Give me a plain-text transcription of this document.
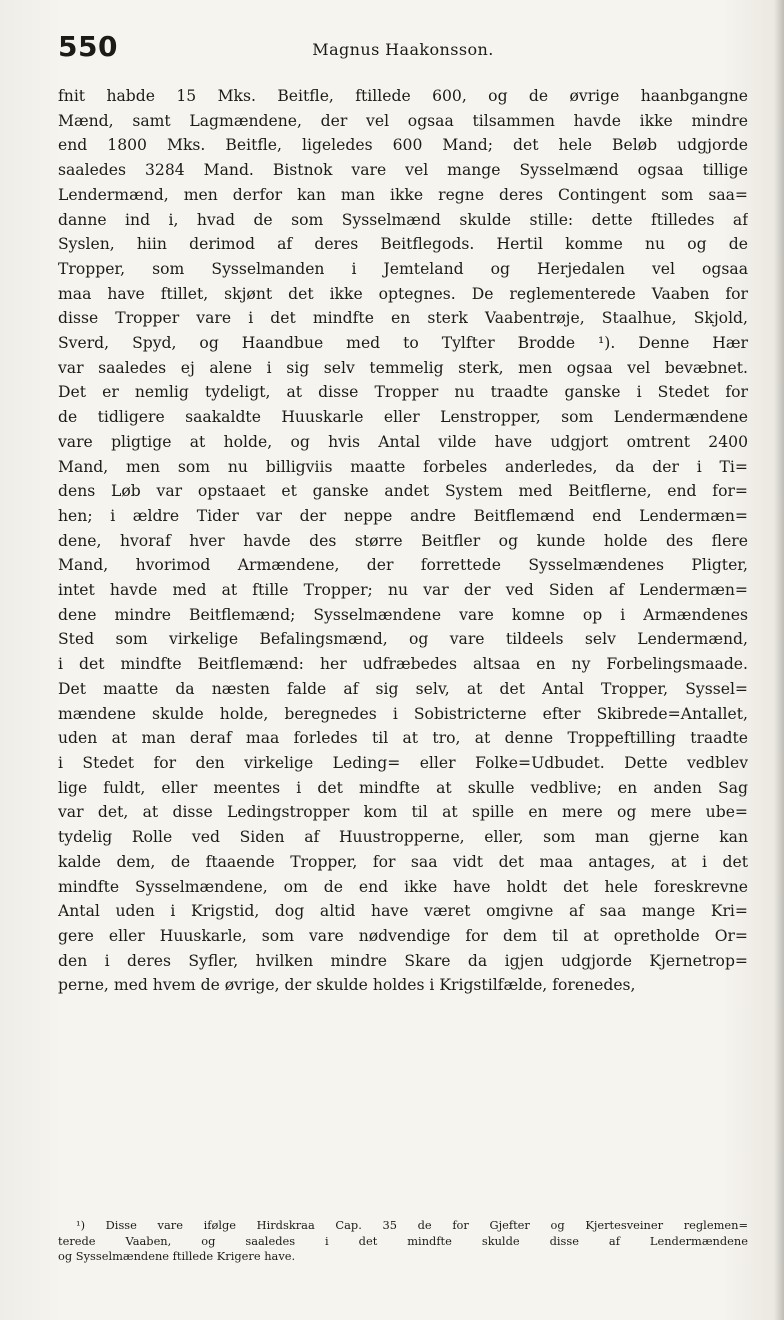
550	Magnus Haakonsson.
fnit habde 15 Mks. Beitfle, ftillede 600, og de øvrige haanbgangne
Mænd, samt Lagmændene, der vel ogsaa tilsammen havde ikke mindre
end 1800 Mks. Beitfle, ligeledes 600 Mand; det hele Beløb udgjorde
saaledes 3284 Mand. Bistnok vare vel mange Sysselmænd ogsaa tillige
Lendermænd, men derfor kan man ikke regne deres Contingent som saa=
danne ind i, hvad de som Sysselmænd skulde stille: dette ftilledes af
Syslen, hiin derimod af deres Beitflegods. Hertil komme nu og de
Tropper, som Sysselmanden i Jemteland og Herjedalen vel ogsaa
maa have ftillet, skjønt det ikke optegnes. De reglementerede Vaaben for
disse Tropper vare i det mindfte en sterk Vaabentrøje, Staalhue, Skjold,
Sverd, Spyd, og Haandbue med to Tylfter Brodde ¹). Denne Hær
var saaledes ej alene i sig selv temmelig sterk, men ogsaa vel bevæbnet.
Det er nemlig tydeligt, at disse Tropper nu traadte ganske i Stedet for
de tidligere saakaldte Huuskarle eller Lenstropper, som Lendermændene
vare pligtige at holde, og hvis Antal vilde have udgjort omtrent 2400
Mand, men som nu billigviis maatte forbeles anderledes, da der i Ti=
dens Løb var opstaaet et ganske andet System med Beitflerne, end for=
hen; i ældre Tider var der neppe andre Beitflemænd end Lendermæn=
dene, hvoraf hver havde des større Beitfler og kunde holde des flere
Mand, hvorimod Armændene, der forrettede Sysselmændenes Pligter,
intet havde med at ftille Tropper; nu var der ved Siden af Lendermæn=
dene mindre Beitflemænd; Sysselmændene vare komne op i Armændenes
Sted som virkelige Befalingsmænd, og vare tildeels selv Lendermænd,
i det mindfte Beitflemænd: her udfræbedes altsaa en ny Forbelingsmaade.
Det maatte da næsten falde af sig selv, at det Antal Tropper, Syssel=
mændene skulde holde, beregnedes i Sobistricterne efter Skibrede=Antallet,
uden at man deraf maa forledes til at tro, at denne Troppeftilling traadte
i Stedet for den virkelige Leding= eller Folke=Udbudet. Dette vedblev
lige fuldt, eller meentes i det mindfte at skulle vedblive; en anden Sag
var det, at disse Ledingstropper kom til at spille en mere og mere ube=
tydelig Rolle ved Siden af Huustropperne, eller, som man gjerne kan
kalde dem, de ftaaende Tropper, for saa vidt det maa antages, at i det
mindfte Sysselmændene, om de end ikke have holdt det hele foreskrevne
Antal uden i Krigstid, dog altid have været omgivne af saa mange Kri=
gere eller Huuskarle, som vare nødvendige for dem til at opretholde Or=
den i deres Syfler, hvilken mindre Skare da igjen udgjorde Kjernetrop=
perne, med hvem de øvrige, der skulde holdes i Krigstilfælde, forenedes,
¹) Disse vare ifølge Hirdskraa Cap. 35 de for Gjefter og Kjertesveiner reglemen=
terede Vaaben, og saaledes i det mindfte skulde disse af Lendermændene
og Sysselmændene ftillede Krigere have.
